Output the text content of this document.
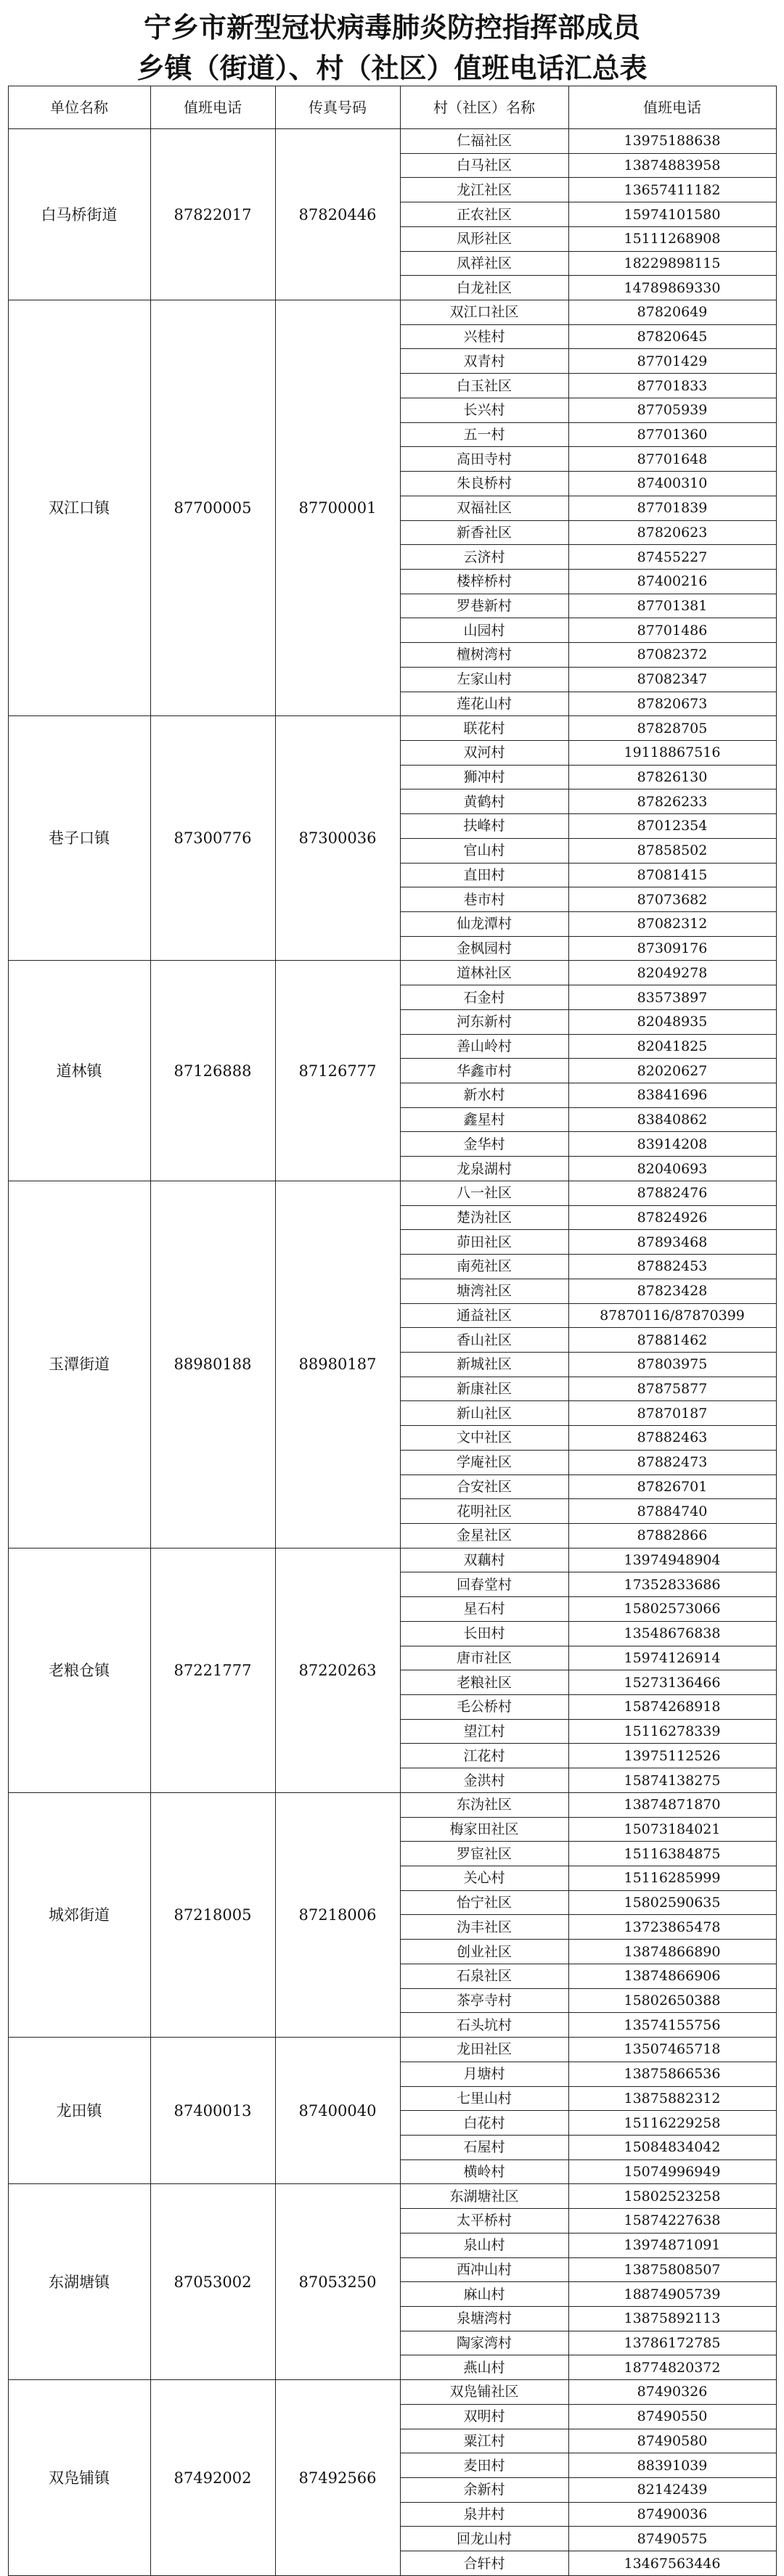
宁乡市新型冠状病毒肺炎防控指挥部成员
乡镇（街道）、村（社区）值班电话汇总表
单位名称	值班电话	传真号码	村（社区）名称	值班电话
白马桥街道	87822017	87820446	仁福社区	13975188638
			白马社区	13874883958
			龙江社区	13657411182
			正农社区	15974101580
			凤形社区	15111268908
			凤祥社区	18229898115
			白龙社区	14789869330
双江口镇	87700005	87700001	双江口社区	87820649
			兴桂村	87820645
			双青村	87701429
			白玉社区	87701833
			长兴村	87705939
			五一村	87701360
			高田寺村	87701648
			朱良桥村	87400310
			双福社区	87701839
			新香社区	87820623
			云济村	87455227
			楼梓桥村	87400216
			罗巷新村	87701381
			山园村	87701486
			檀树湾村	87082372
			左家山村	87082347
			莲花山村	87820673
巷子口镇	87300776	87300036	联花村	87828705
			双河村	19118867516
			狮冲村	87826130
			黄鹤村	87826233
			扶峰村	87012354
			官山村	87858502
			直田村	87081415
			巷市村	87073682
			仙龙潭村	87082312
			金枫园村	87309176
道林镇	87126888	87126777	道林社区	82049278
			石金村	83573897
			河东新村	82048935
			善山岭村	82041825
			华鑫市村	82020627
			新水村	83841696
			鑫星村	83840862
			金华村	83914208
			龙泉湖村	82040693
玉潭街道	88980188	88980187	八一社区	87882476
			楚沩社区	87824926
			茆田社区	87893468
			南苑社区	87882453
			塘湾社区	87823428
			通益社区	87870116/87870399
			香山社区	87881462
			新城社区	87803975
			新康社区	87875877
			新山社区	87870187
			文中社区	87882463
			学庵社区	87882473
			合安社区	87826701
			花明社区	87884740
			金星社区	87882866
老粮仓镇	87221777	87220263	双藕村	13974948904
			回春堂村	17352833686
			星石村	15802573066
			长田村	13548676838
			唐市社区	15974126914
			老粮社区	15273136466
			毛公桥村	15874268918
			望江村	15116278339
			江花村	13975112526
			金洪村	15874138275
城郊街道	87218005	87218006	东沩社区	13874871870
			梅家田社区	15073184021
			罗宦社区	15116384875
			关心村	15116285999
			怡宁社区	15802590635
			沩丰社区	13723865478
			创业社区	13874866890
			石泉社区	13874866906
			茶亭寺村	15802650388
			石头坑村	13574155756
龙田镇	87400013	87400040	龙田社区	13507465718
			月塘村	13875866536
			七里山村	13875882312
			白花村	15116229258
			石屋村	15084834042
			横岭村	15074996949
东湖塘镇	87053002	87053250	东湖塘社区	15802523258
			太平桥村	15874227638
			泉山村	13974871091
			西冲山村	13875808507
			麻山村	18874905739
			泉塘湾村	13875892113
			陶家湾村	13786172785
			燕山村	18774820372
双凫铺镇	87492002	87492566	双凫铺社区	87490326
			双明村	87490550
			粟江村	87490580
			麦田村	88391039
			余新村	82142439
			泉井村	87490036
			回龙山村	87490575
			合轩村	13467563446
